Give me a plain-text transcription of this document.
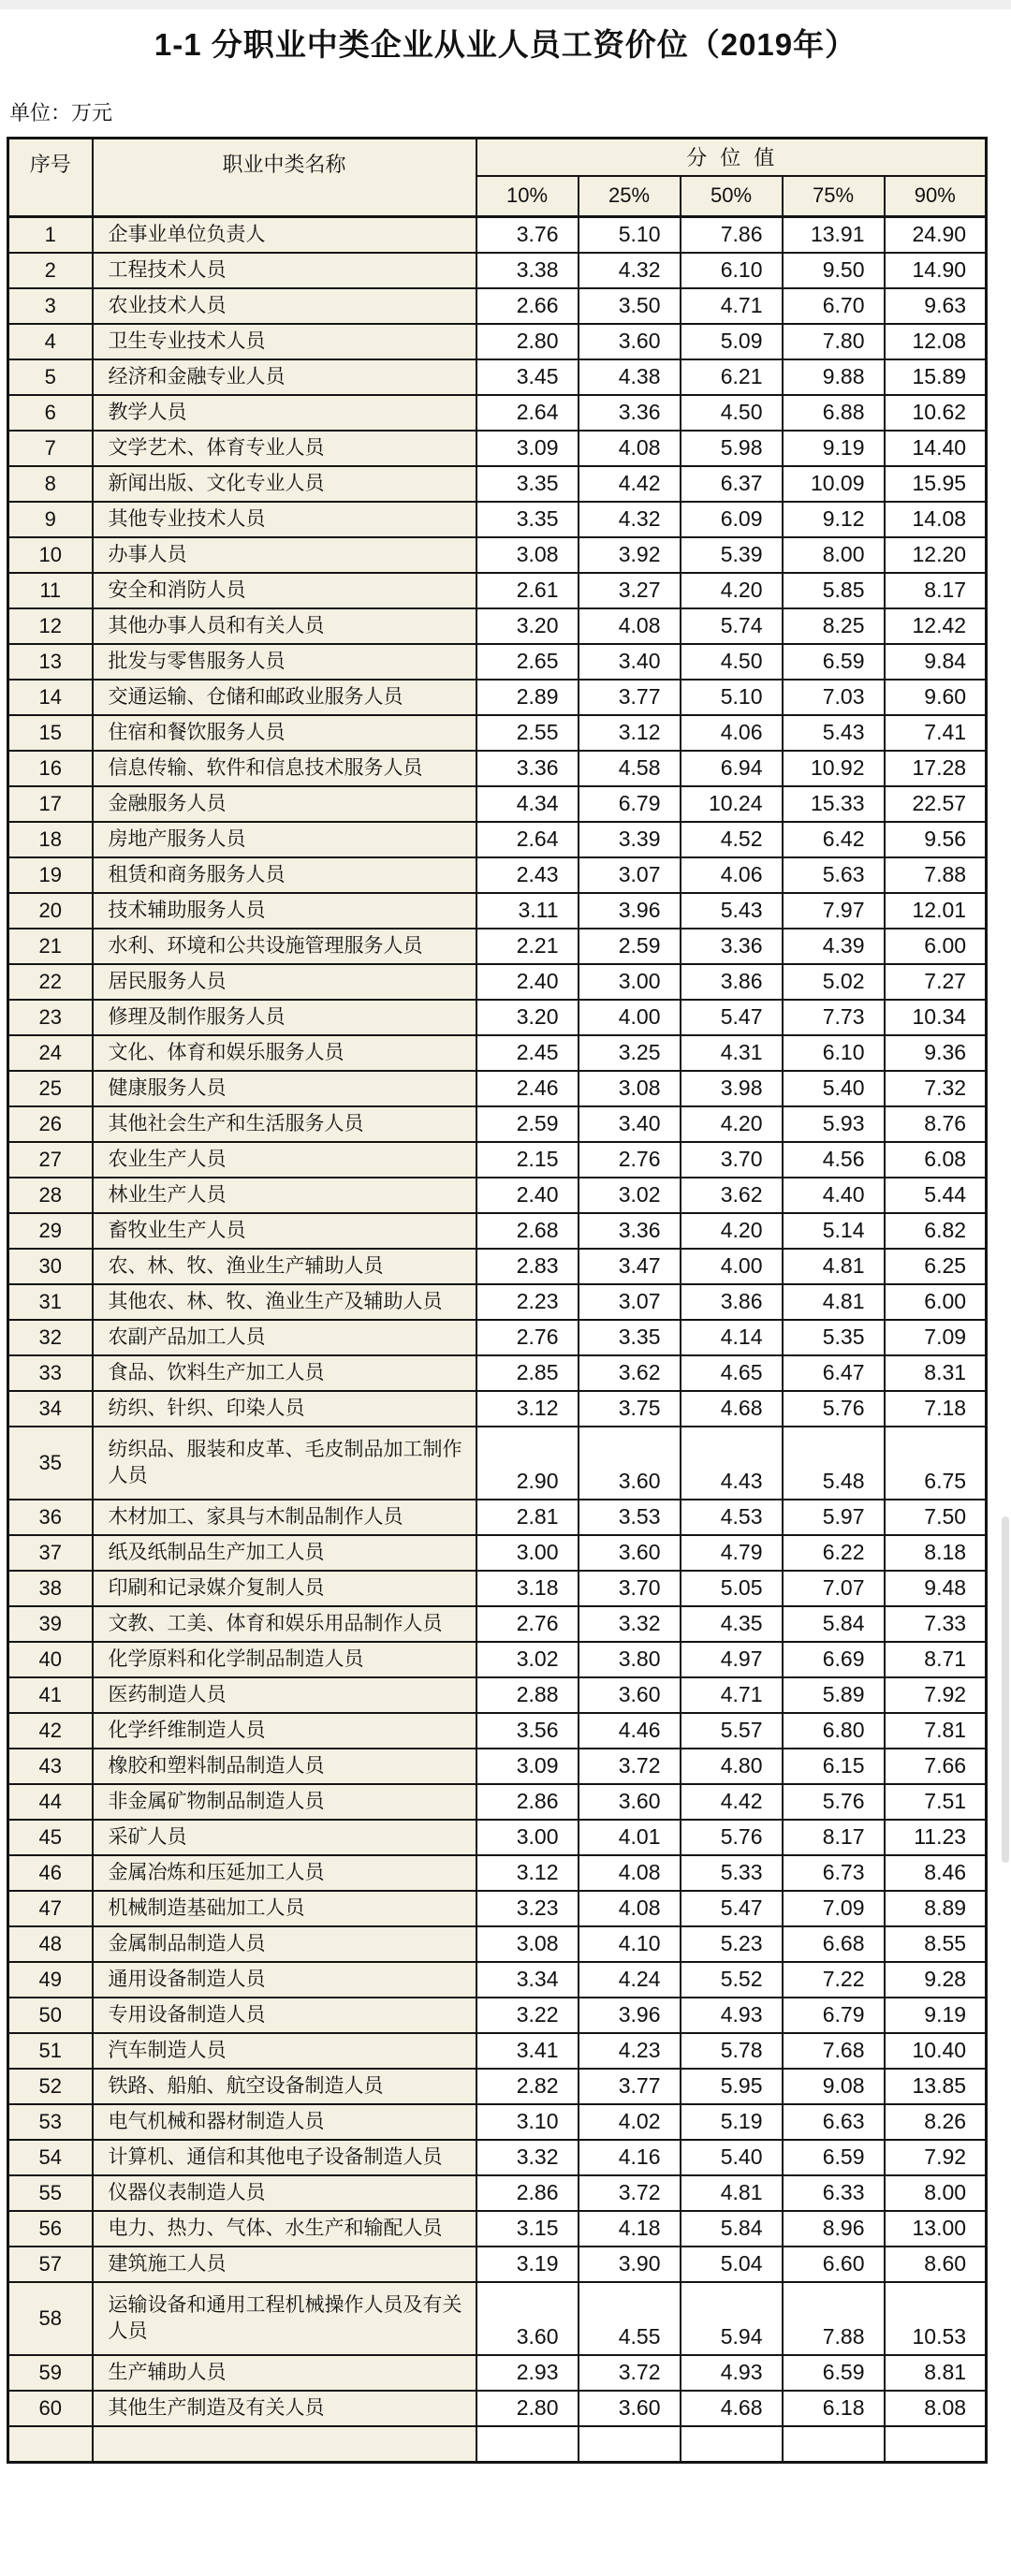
1-1 分职业中类企业从业人员工资价位（2019年）
单位：万元
序号	职业中类名称	分位值				
		10%	25%	50%	75%	90%
1	企事业单位负责人	3.76	5.10	7.86	13.91	24.90
2	工程技术人员	3.38	4.32	6.10	9.50	14.90
3	农业技术人员	2.66	3.50	4.71	6.70	9.63
4	卫生专业技术人员	2.80	3.60	5.09	7.80	12.08
5	经济和金融专业人员	3.45	4.38	6.21	9.88	15.89
6	教学人员	2.64	3.36	4.50	6.88	10.62
7	文学艺术、体育专业人员	3.09	4.08	5.98	9.19	14.40
8	新闻出版、文化专业人员	3.35	4.42	6.37	10.09	15.95
9	其他专业技术人员	3.35	4.32	6.09	9.12	14.08
10	办事人员	3.08	3.92	5.39	8.00	12.20
11	安全和消防人员	2.61	3.27	4.20	5.85	8.17
12	其他办事人员和有关人员	3.20	4.08	5.74	8.25	12.42
13	批发与零售服务人员	2.65	3.40	4.50	6.59	9.84
14	交通运输、仓储和邮政业服务人员	2.89	3.77	5.10	7.03	9.60
15	住宿和餐饮服务人员	2.55	3.12	4.06	5.43	7.41
16	信息传输、软件和信息技术服务人员	3.36	4.58	6.94	10.92	17.28
17	金融服务人员	4.34	6.79	10.24	15.33	22.57
18	房地产服务人员	2.64	3.39	4.52	6.42	9.56
19	租赁和商务服务人员	2.43	3.07	4.06	5.63	7.88
20	技术辅助服务人员	3.11	3.96	5.43	7.97	12.01
21	水利、环境和公共设施管理服务人员	2.21	2.59	3.36	4.39	6.00
22	居民服务人员	2.40	3.00	3.86	5.02	7.27
23	修理及制作服务人员	3.20	4.00	5.47	7.73	10.34
24	文化、体育和娱乐服务人员	2.45	3.25	4.31	6.10	9.36
25	健康服务人员	2.46	3.08	3.98	5.40	7.32
26	其他社会生产和生活服务人员	2.59	3.40	4.20	5.93	8.76
27	农业生产人员	2.15	2.76	3.70	4.56	6.08
28	林业生产人员	2.40	3.02	3.62	4.40	5.44
29	畜牧业生产人员	2.68	3.36	4.20	5.14	6.82
30	农、林、牧、渔业生产辅助人员	2.83	3.47	4.00	4.81	6.25
31	其他农、林、牧、渔业生产及辅助人员	2.23	3.07	3.86	4.81	6.00
32	农副产品加工人员	2.76	3.35	4.14	5.35	7.09
33	食品、饮料生产加工人员	2.85	3.62	4.65	6.47	8.31
34	纺织、针织、印染人员	3.12	3.75	4.68	5.76	7.18
35	纺织品、服装和皮革、毛皮制品加工制作人员	2.90	3.60	4.43	5.48	6.75
36	木材加工、家具与木制品制作人员	2.81	3.53	4.53	5.97	7.50
37	纸及纸制品生产加工人员	3.00	3.60	4.79	6.22	8.18
38	印刷和记录媒介复制人员	3.18	3.70	5.05	7.07	9.48
39	文教、工美、体育和娱乐用品制作人员	2.76	3.32	4.35	5.84	7.33
40	化学原料和化学制品制造人员	3.02	3.80	4.97	6.69	8.71
41	医药制造人员	2.88	3.60	4.71	5.89	7.92
42	化学纤维制造人员	3.56	4.46	5.57	6.80	7.81
43	橡胶和塑料制品制造人员	3.09	3.72	4.80	6.15	7.66
44	非金属矿物制品制造人员	2.86	3.60	4.42	5.76	7.51
45	采矿人员	3.00	4.01	5.76	8.17	11.23
46	金属冶炼和压延加工人员	3.12	4.08	5.33	6.73	8.46
47	机械制造基础加工人员	3.23	4.08	5.47	7.09	8.89
48	金属制品制造人员	3.08	4.10	5.23	6.68	8.55
49	通用设备制造人员	3.34	4.24	5.52	7.22	9.28
50	专用设备制造人员	3.22	3.96	4.93	6.79	9.19
51	汽车制造人员	3.41	4.23	5.78	7.68	10.40
52	铁路、船舶、航空设备制造人员	2.82	3.77	5.95	9.08	13.85
53	电气机械和器材制造人员	3.10	4.02	5.19	6.63	8.26
54	计算机、通信和其他电子设备制造人员	3.32	4.16	5.40	6.59	7.92
55	仪器仪表制造人员	2.86	3.72	4.81	6.33	8.00
56	电力、热力、气体、水生产和输配人员	3.15	4.18	5.84	8.96	13.00
57	建筑施工人员	3.19	3.90	5.04	6.60	8.60
58	运输设备和通用工程机械操作人员及有关人员	3.60	4.55	5.94	7.88	10.53
59	生产辅助人员	2.93	3.72	4.93	6.59	8.81
60	其他生产制造及有关人员	2.80	3.60	4.68	6.18	8.08
